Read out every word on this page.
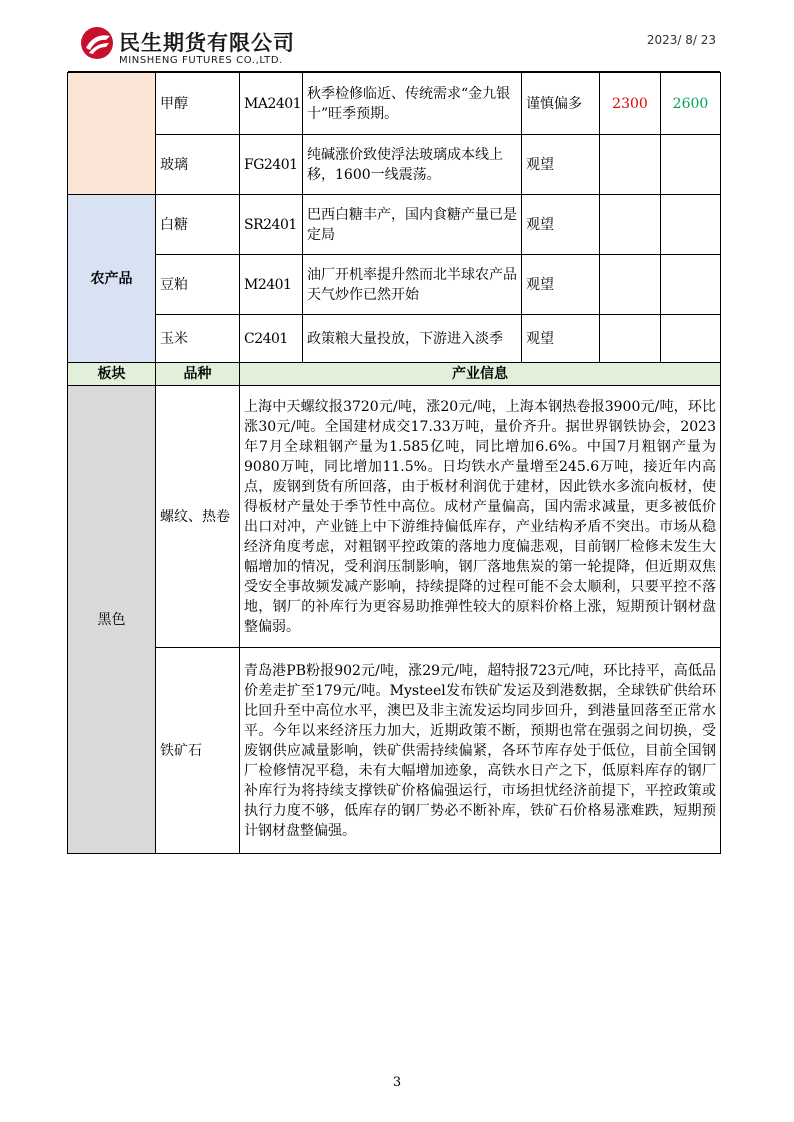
民生期货有限公司
MINSHENG FUTURES CO.,LTD.
2023/ 8/ 23
	甲醇	MA2401	秋季检修临近、传统需求“金九银十”旺季预期。	谨慎偏多	2300	2600
	玻璃	FG2401	纯碱涨价致使浮法玻璃成本线上移，1600一线震荡。	观望		
农产品	白糖	SR2401	巴西白糖丰产，国内食糖产量已是定局	观望		
	豆粕	M2401	油厂开机率提升然而北半球农产品天气炒作已然开始	观望		
	玉米	C2401	政策粮大量投放，下游进入淡季	观望		
板块	品种	产业信息				
黑色	螺纹、热卷	上海中天螺纹报3720元/吨，涨20元/吨，上海本钢热卷报3900元/吨，环比涨30元/吨。全国建材成交17.33万吨，量价齐升。据世界钢铁协会，2023年7月全球粗钢产量为1.585亿吨，同比增加6.6%。中国7月粗钢产量为9080万吨，同比增加11.5%。日均铁水产量增至245.6万吨，接近年内高点，废钢到货有所回落，由于板材利润优于建材，因此铁水多流向板材，使得板材产量处于季节性中高位。成材产量偏高，国内需求减量，更多被低价出口对冲，产业链上中下游维持偏低库存，产业结构矛盾不突出。市场从稳经济角度考虑，对粗钢平控政策的落地力度偏悲观，目前钢厂检修未发生大幅增加的情况，受利润压制影响，钢厂落地焦炭的第一轮提降，但近期双焦受安全事故频发减产影响，持续提降的过程可能不会太顺利，只要平控不落地，钢厂的补库行为更容易助推弹性较大的原料价格上涨，短期预计钢材盘整偏弱。				
	铁矿石	青岛港PB粉报902元/吨，涨29元/吨，超特报723元/吨，环比持平，高低品价差走扩至179元/吨。Mysteel发布铁矿发运及到港数据，全球铁矿供给环比回升至中高位水平，澳巴及非主流发运均同步回升，到港量回落至正常水平。今年以来经济压力加大，近期政策不断，预期也常在强弱之间切换，受废钢供应减量影响，铁矿供需持续偏紧，各环节库存处于低位，目前全国钢厂检修情况平稳，未有大幅增加迹象，高铁水日产之下，低原料库存的钢厂补库行为将持续支撑铁矿价格偏强运行，市场担忧经济前提下，平控政策或执行力度不够，低库存的钢厂势必不断补库，铁矿石价格易涨难跌，短期预计钢材盘整偏强。				
3
